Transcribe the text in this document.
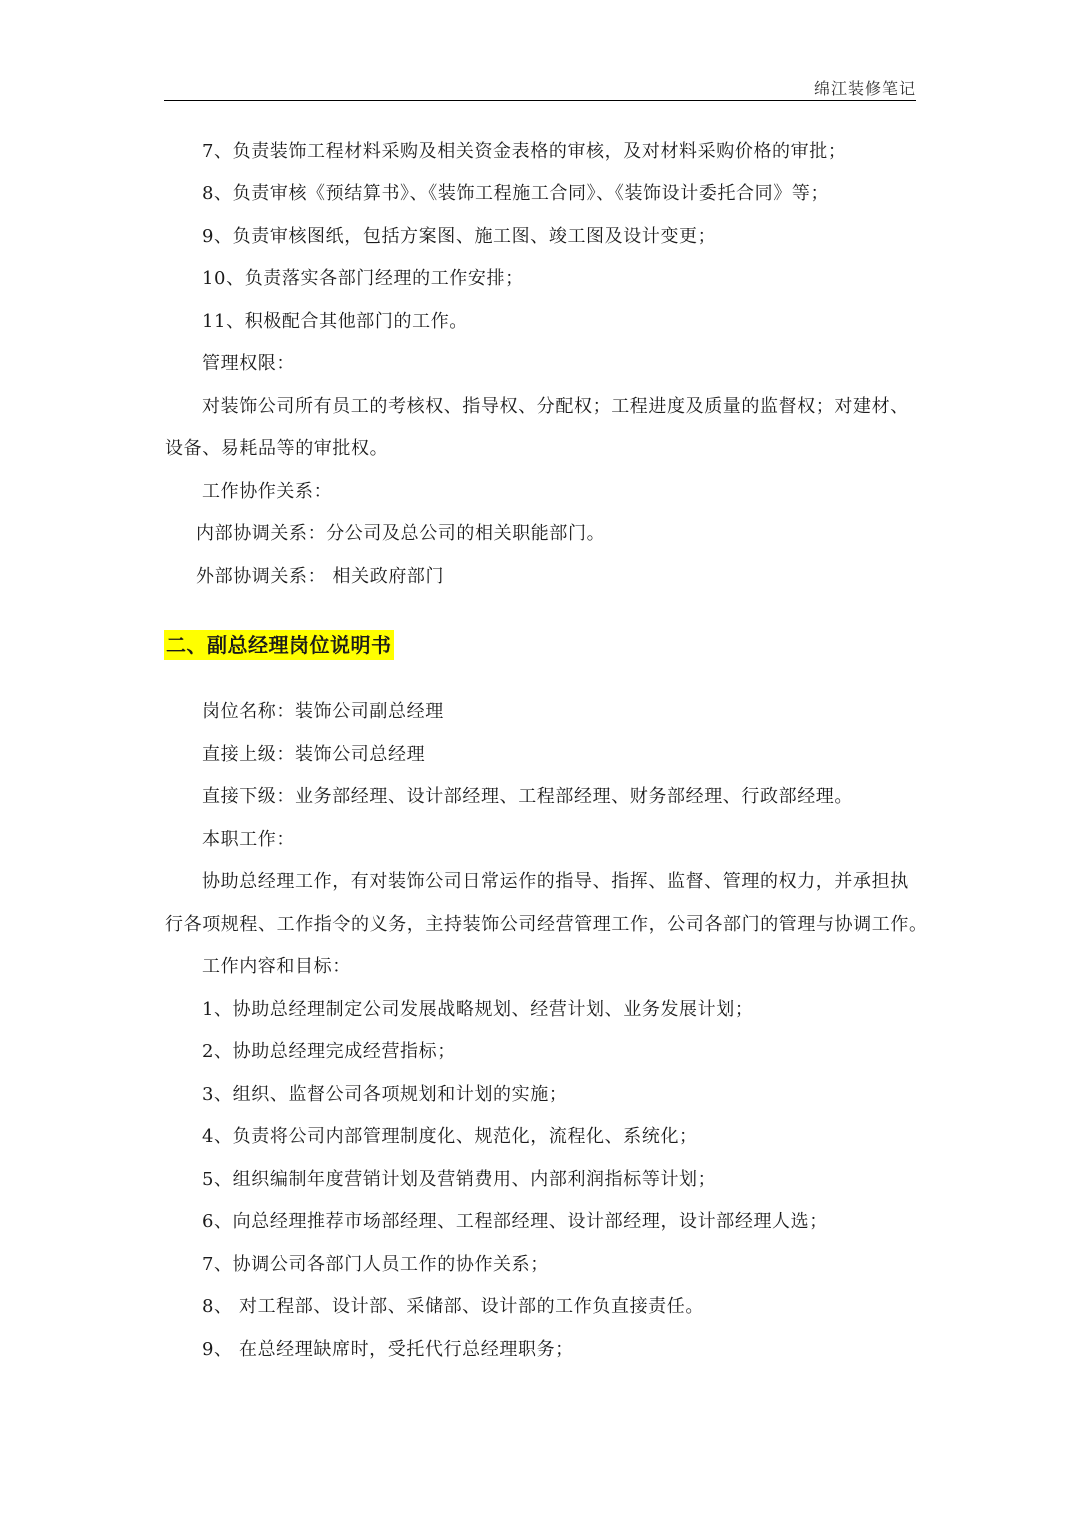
绵江装修笔记
7、负责装饰工程材料采购及相关资金表格的审核，及对材料采购价格的审批；
8、负责审核《预结算书》、《装饰工程施工合同》、《装饰设计委托合同》等；
9、负责审核图纸，包括方案图、施工图、竣工图及设计变更；
10、负责落实各部门经理的工作安排；
11、积极配合其他部门的工作。
管理权限：
对装饰公司所有员工的考核权、指导权、分配权；工程进度及质量的监督权；对建材、
设备、易耗品等的审批权。
工作协作关系：
内部协调关系：分公司及总公司的相关职能部门。
外部协调关系： 相关政府部门
二、副总经理岗位说明书
岗位名称：装饰公司副总经理
直接上级：装饰公司总经理
直接下级：业务部经理、设计部经理、工程部经理、财务部经理、行政部经理。
本职工作：
协助总经理工作，有对装饰公司日常运作的指导、指挥、监督、管理的权力，并承担执
行各项规程、工作指令的义务，主持装饰公司经营管理工作，公司各部门的管理与协调工作。
工作内容和目标：
1、协助总经理制定公司发展战略规划、经营计划、业务发展计划；
2、协助总经理完成经营指标；
3、组织、监督公司各项规划和计划的实施；
4、负责将公司内部管理制度化、规范化，流程化、系统化；
5、组织编制年度营销计划及营销费用、内部利润指标等计划；
6、向总经理推荐市场部经理、工程部经理、设计部经理，设计部经理人选；
7、协调公司各部门人员工作的协作关系；
8、 对工程部、设计部、采储部、设计部的工作负直接责任。
9、 在总经理缺席时，受托代行总经理职务；
